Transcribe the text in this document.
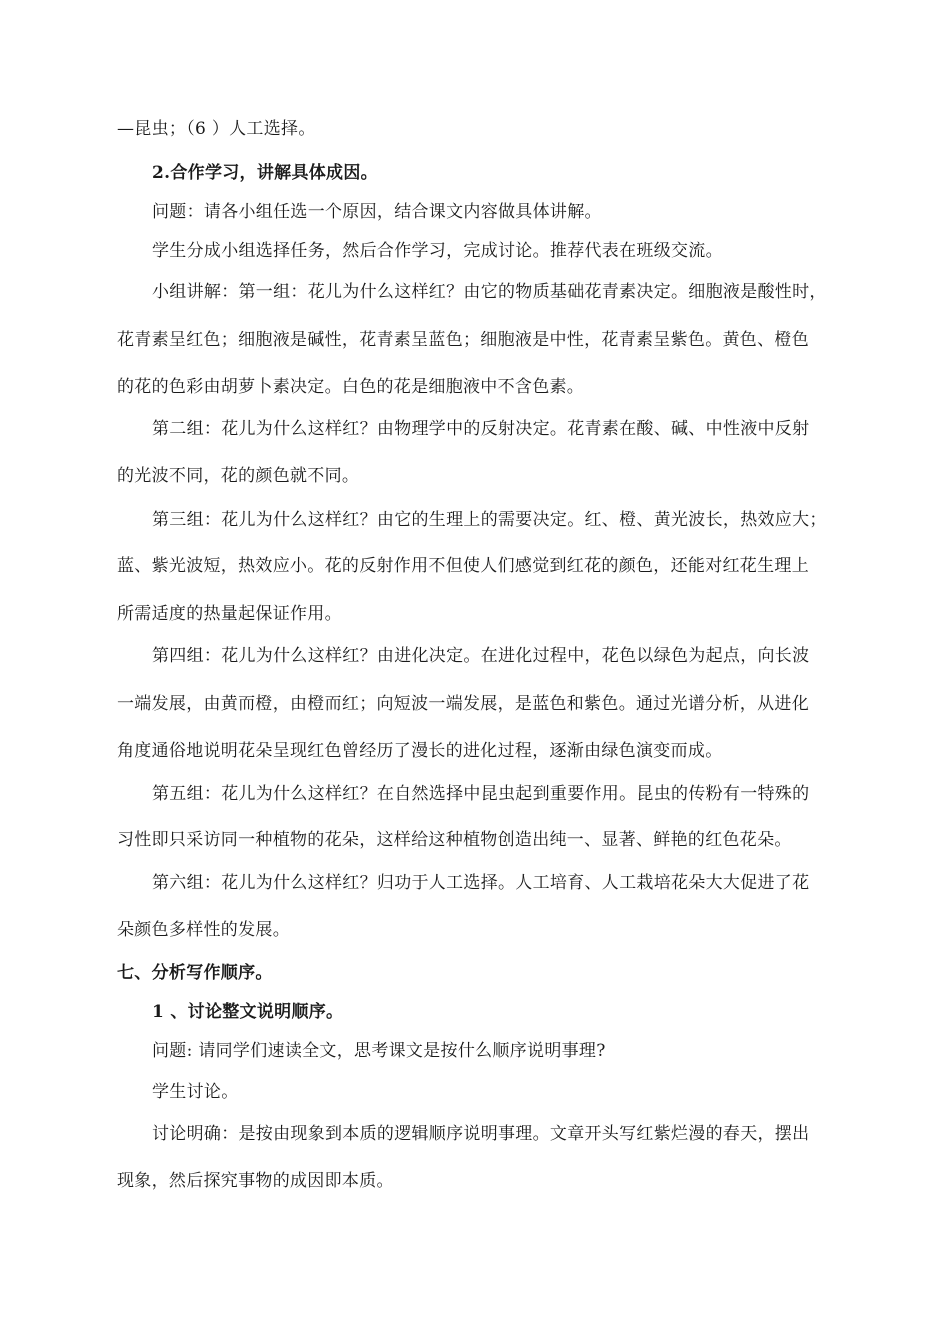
—昆虫；（6 ）人工选择。
2.合作学习，讲解具体成因。
问题：请各小组任选一个原因，结合课文内容做具体讲解。
学生分成小组选择任务，然后合作学习，完成讨论。推荐代表在班级交流。
小组讲解：第一组：花儿为什么这样红？由它的物质基础花青素决定。细胞液是酸性时，
花青素呈红色；细胞液是碱性，花青素呈蓝色；细胞液是中性，花青素呈紫色。黄色、橙色
的花的色彩由胡萝卜素决定。白色的花是细胞液中不含色素。
第二组：花儿为什么这样红？由物理学中的反射决定。花青素在酸、碱、中性液中反射
的光波不同，花的颜色就不同。
第三组：花儿为什么这样红？由它的生理上的需要决定。红、橙、黄光波长，热效应大；
蓝、紫光波短，热效应小。花的反射作用不但使人们感觉到红花的颜色，还能对红花生理上
所需适度的热量起保证作用。
第四组：花儿为什么这样红？由进化决定。在进化过程中，花色以绿色为起点，向长波
一端发展，由黄而橙，由橙而红；向短波一端发展，是蓝色和紫色。通过光谱分析，从进化
角度通俗地说明花朵呈现红色曾经历了漫长的进化过程，逐渐由绿色演变而成。
第五组：花儿为什么这样红？在自然选择中昆虫起到重要作用。昆虫的传粉有一特殊的
习性即只采访同一种植物的花朵，这样给这种植物创造出纯一、显著、鲜艳的红色花朵。
第六组：花儿为什么这样红？归功于人工选择。人工培育、人工栽培花朵大大促进了花
朵颜色多样性的发展。
七、分析写作顺序。
1 、讨论整文说明顺序。
问题: 请同学们速读全文，思考课文是按什么顺序说明事理?
学生讨论。
讨论明确：是按由现象到本质的逻辑顺序说明事理。文章开头写红紫烂漫的春天，摆出
现象，然后探究事物的成因即本质。
